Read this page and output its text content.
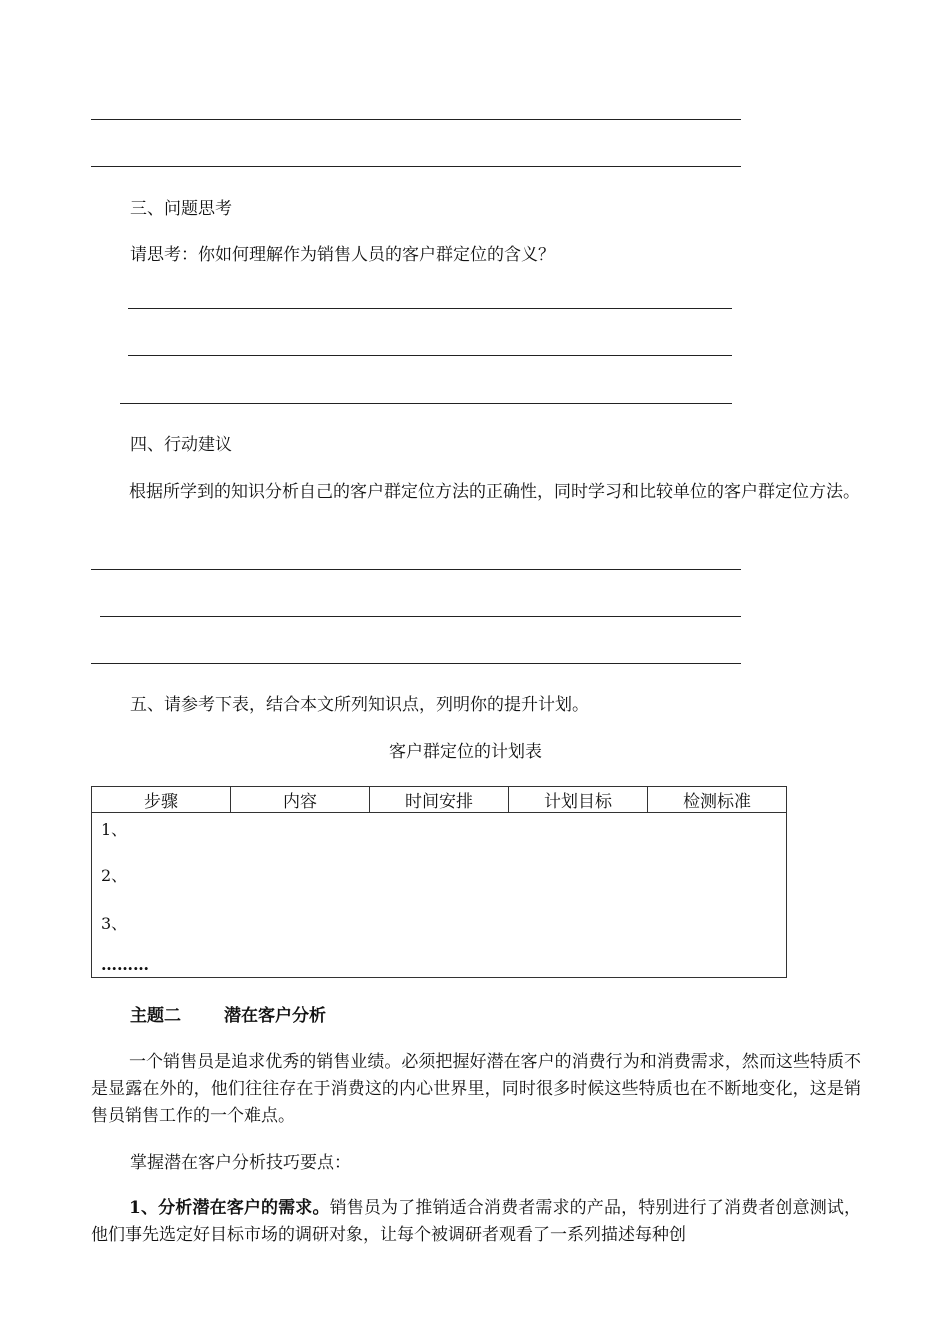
三、问题思考
请思考：你如何理解作为销售人员的客户群定位的含义？
四、行动建议
根据所学到的知识分析自己的客户群定位方法的正确性，同时学习和比较单位的客户群定位方法。
五、请参考下表，结合本文所列知识点，列明你的提升计划。
客户群定位的计划表
步骤	内容	时间安排	计划目标	检测标准

1、
2、
3、
………
主题二	潜在客户分析
一个销售员是追求优秀的销售业绩。必须把握好潜在客户的消费行为和消费需求，然而这些特质不是显露在外的，他们往往存在于消费这的内心世界里，同时很多时候这些特质也在不断地变化，这是销售员销售工作的一个难点。
掌握潜在客户分析技巧要点：
1、分析潜在客户的需求。销售员为了推销适合消费者需求的产品，特别进行了消费者创意测试，他们事先选定好目标市场的调研对象，让每个被调研者观看了一系列描述每种创
